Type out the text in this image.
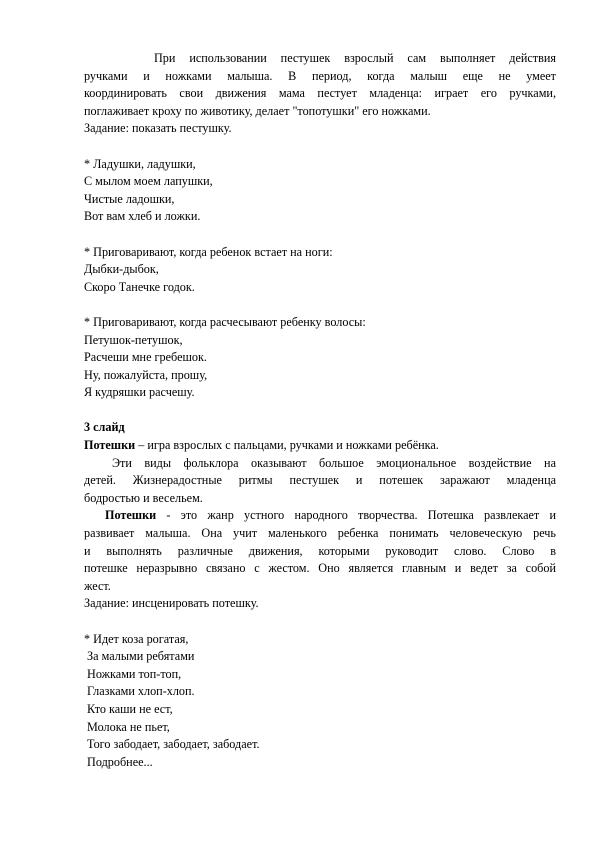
При использовании пестушек взрослый сам выполняет действия
ручками и ножками малыша. В период, когда малыш еще не умеет
координировать свои движения мама пестует младенца: играет его ручками,
поглаживает кроху по животику, делает "топотушки" его ножками.
Задание: показать пестушку.
* Ладушки, ладушки,
С мылом моем лапушки,
Чистые ладошки,
Вот вам хлеб и ложки.
* Приговаривают, когда ребенок встает на ноги:
Дыбки-дыбок,
Скоро Танечке годок.
* Приговаривают, когда расчесывают ребенку волосы:
Петушок-петушок,
Расчеши мне гребешок.
Ну, пожалуйста, прошу,
Я кудряшки расчешу.
3 слайд
Потешки – игра взрослых с пальцами, ручками и ножками ребёнка.
Эти виды фольклора оказывают большое эмоциональное воздействие на
детей. Жизнерадостные ритмы пестушек и потешек заражают младенца
бодростью и весельем.
Потешки - это жанр устного народного творчества. Потешка развлекает и
развивает малыша. Она учит маленького ребенка понимать человеческую речь
и выполнять различные движения, которыми руководит слово. Слово в
потешке неразрывно связано с жестом. Оно является главным и ведет за собой
жест.
Задание: инсценировать потешку.
* Идет коза рогатая,
За малыми ребятами
Ножками топ-топ,
Глазками хлоп-хлоп.
Кто каши не ест,
Молока не пьет,
Того забодает, забодает, забодает.
Подробнее...
